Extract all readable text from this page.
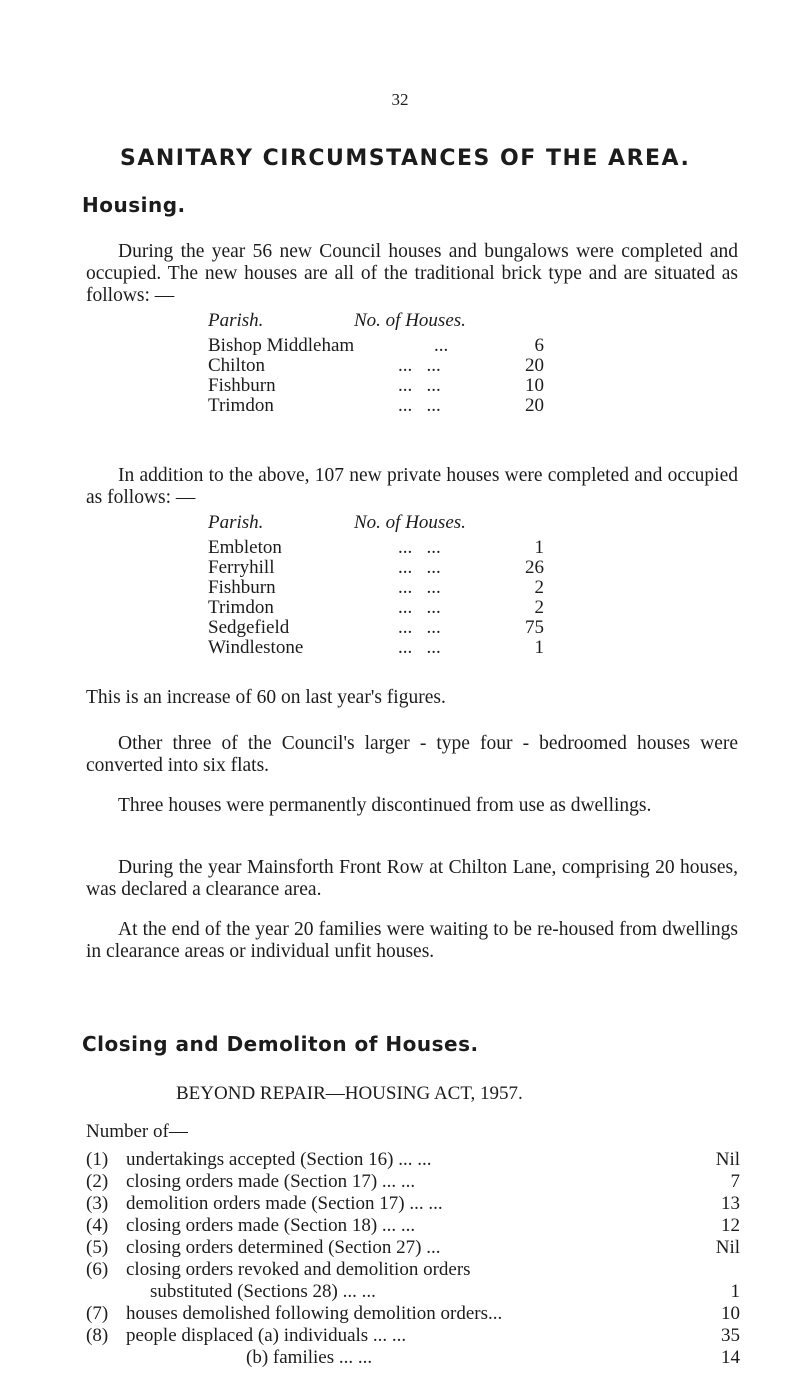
32
SANITARY CIRCUMSTANCES OF THE AREA.
Housing.

During the year 56 new Council houses and bungalows were completed and occupied. The new houses are all of the traditional brick type and are situated as follows: —

Parish.	No. of Houses.
Bishop Middleham	...	6
Chilton	...   ...	20
Fishburn	...   ...	10
Trimdon	...   ...	20

In addition to the above, 107 new private houses were completed and occupied as follows: —

Parish.	No. of Houses.
Embleton	...   ...	1
Ferryhill	...   ...	26
Fishburn	...   ...	2
Trimdon	...   ...	2
Sedgefield	...   ...	75
Windlestone	...   ...	1

This is an increase of 60 on last year's figures.

Other three of the Council's larger - type four - bedroomed houses were converted into six flats.

Three houses were permanently discontinued from use as dwellings.

During the year Mainsforth Front Row at Chilton Lane, comprising 20 houses, was declared a clearance area.

At the end of the year 20 families were waiting to be re-housed from dwellings in clearance areas or individual unfit houses.

Closing and Demoliton of Houses.
BEYOND REPAIR—HOUSING ACT, 1957.
Number of—
(1) undertakings accepted (Section 16) ... ...	Nil
(2) closing orders made (Section 17) ... ...	7
(3) demolition orders made (Section 17) ... ...	13
(4) closing orders made (Section 18) ... ...	12
(5) closing orders determined (Section 27) ...	Nil
(6) closing orders revoked and demolition orders
substituted (Sections 28) ... ...	1
(7) houses demolished following demolition orders...	10
(8) people displaced (a) individuals ... ...	35
(b) families ... ...	14
